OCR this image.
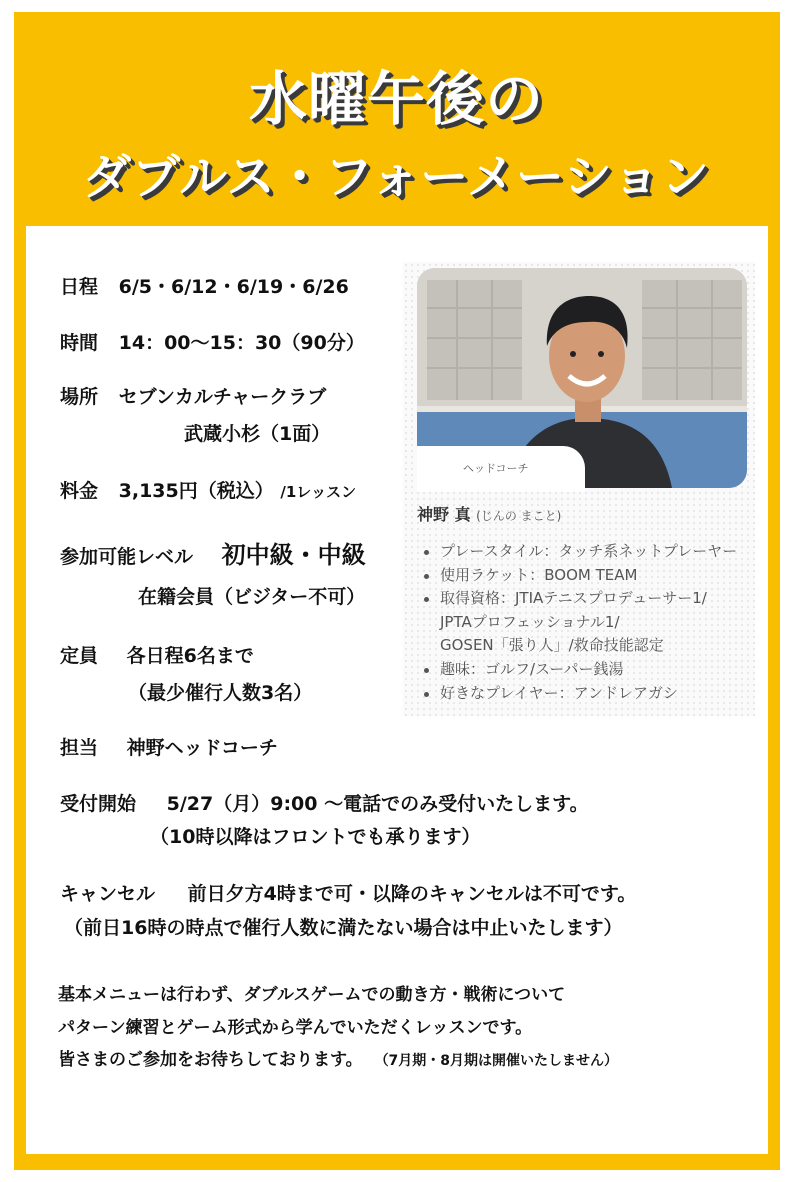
水曜午後の
ダブルス・フォーメーション
日程 6/5・6/12・6/19・6/26
時間 14：00〜15：30（90分）
場所 セブンカルチャークラブ
武蔵小杉（1面）
料金 3,135円（税込） /1レッスン
参加可能レベル 初中級・中級
在籍会員（ビジター不可）
定員 各日程6名まで
（最少催行人数3名）
担当 神野ヘッドコーチ
受付開始 5/27（月）9:00 〜電話でのみ受付いたします。
（10時以降はフロントでも承ります）
キャンセル 前日夕方4時まで可・以降のキャンセルは不可です。
（前日16時の時点で催行人数に満たない場合は中止いたします）
基本メニューは行わず、ダブルスゲームでの動き方・戦術について
パターン練習とゲーム形式から学んでいただくレッスンです。
皆さまのご参加をお待ちしております。 （7月期・8月期は開催いたしません）
ヘッドコーチ
神野 真 (じんの まこと)
プレースタイル：タッチ系ネットプレーヤー
使用ラケット：BOOM TEAM
取得資格：JTIAテニスプロデューサー1/
JPTAプロフェッショナル1/
GOSEN「張り人」/救命技能認定
趣味：ゴルフ/スーパー銭湯
好きなプレイヤー：アンドレアガシ
